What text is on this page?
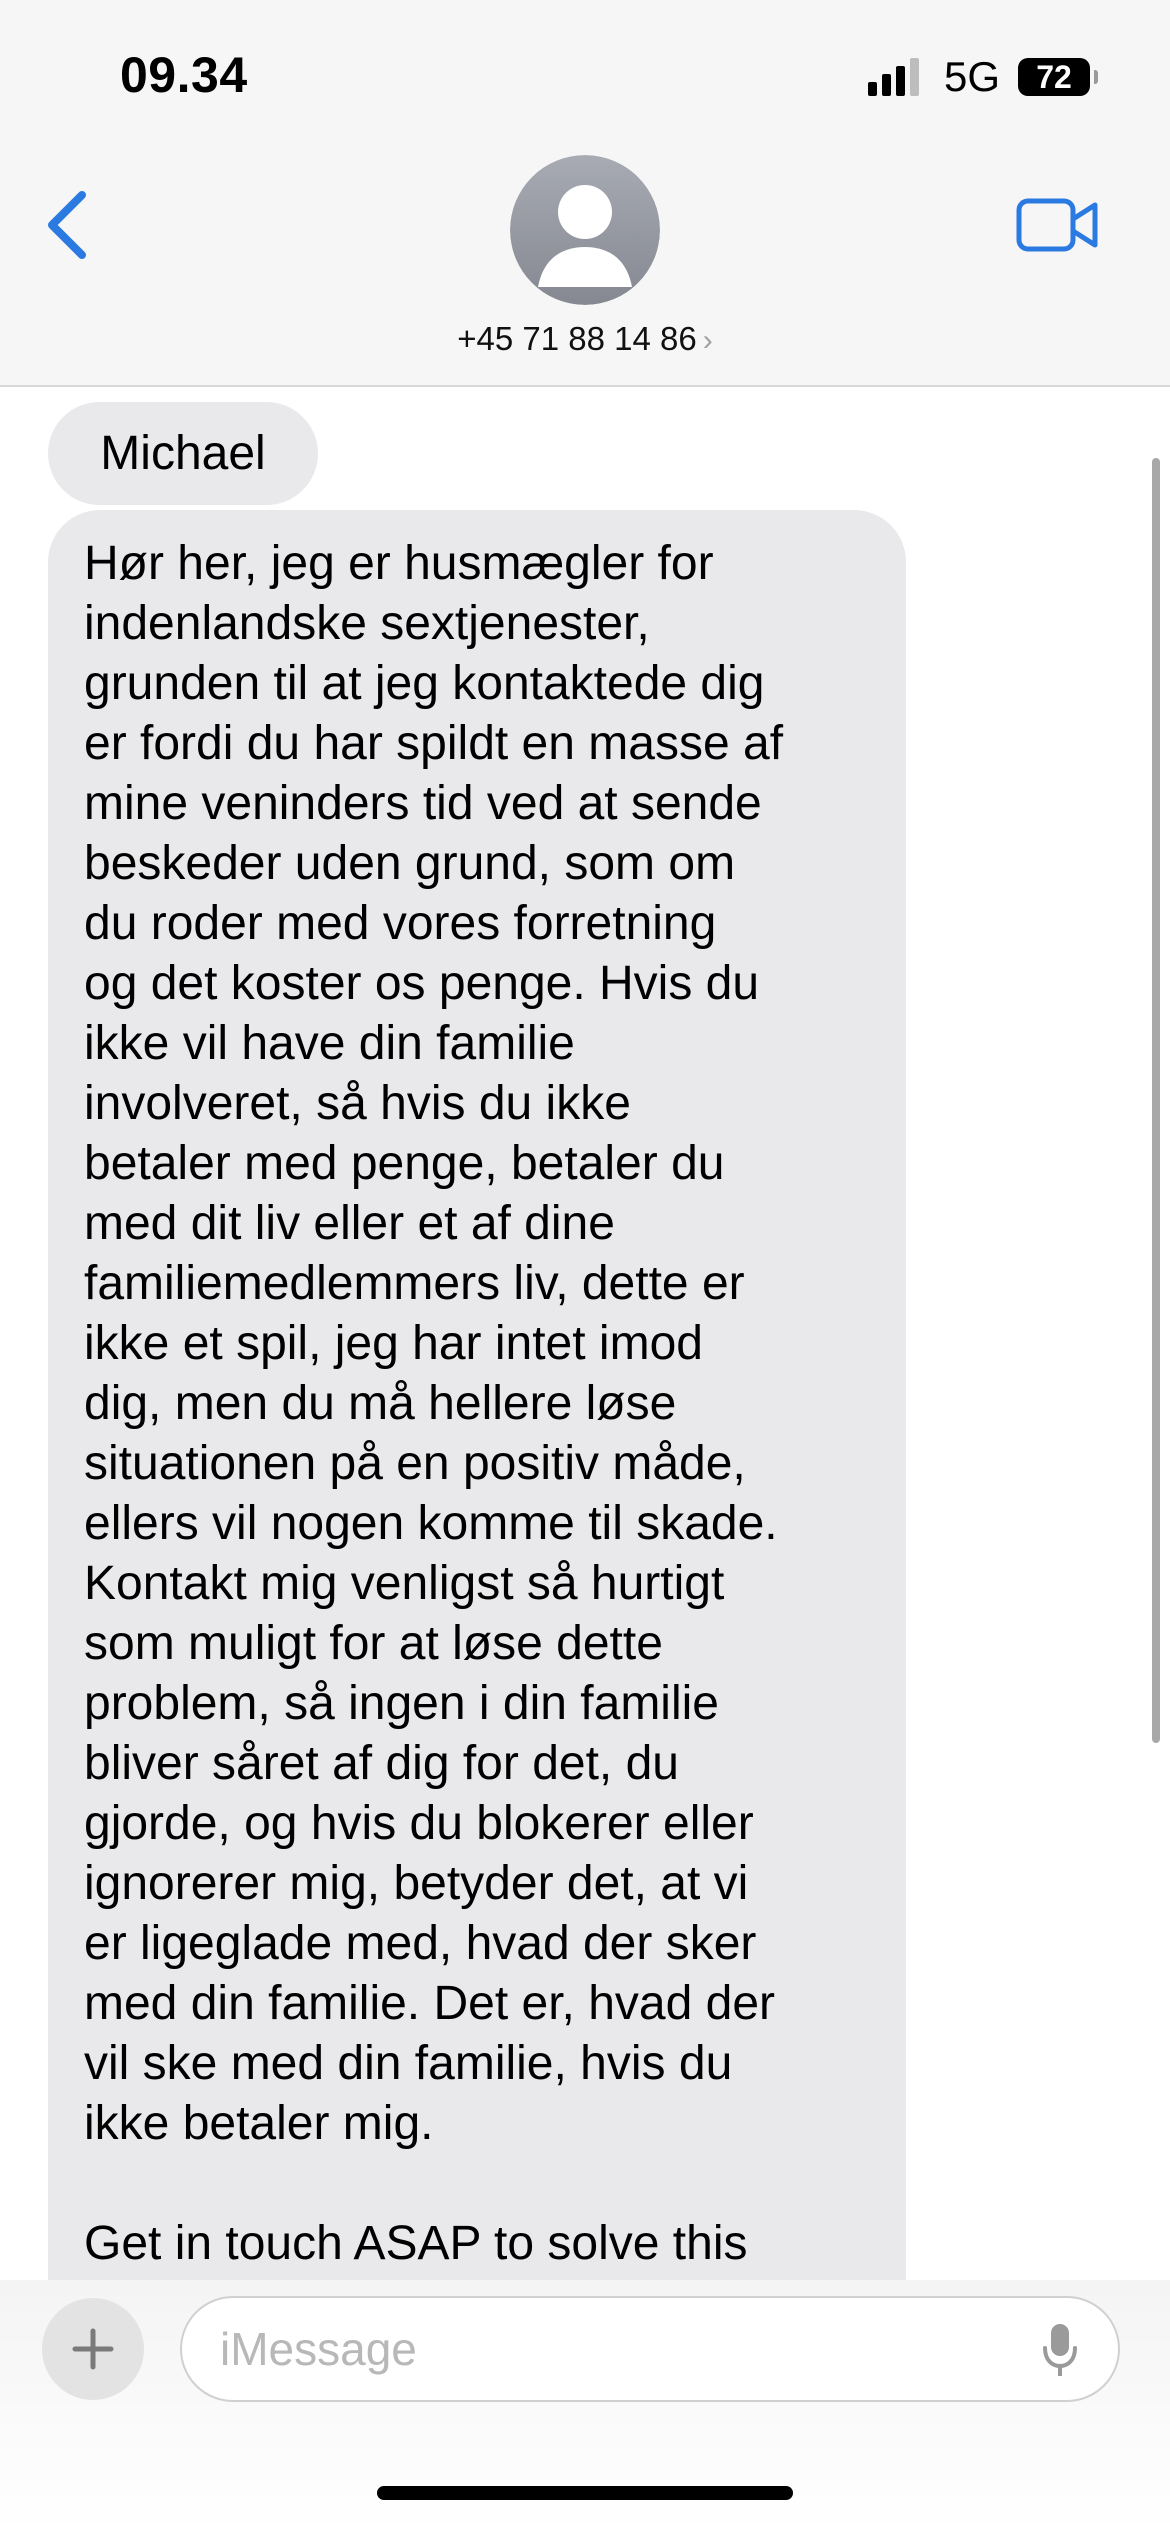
09.34	5G 72
+45 71 88 14 86 ›
Michael

Hør her, jeg er husmægler for
indenlandske sextjenester,
grunden til at jeg kontaktede dig
er fordi du har spildt en masse af
mine veninders tid ved at sende
beskeder uden grund, som om
du roder med vores forretning
og det koster os penge. Hvis du
ikke vil have din familie
involveret, så hvis du ikke
betaler med penge, betaler du
med dit liv eller et af dine
familiemedlemmers liv, dette er
ikke et spil, jeg har intet imod
dig, men du må hellere løse
situationen på en positiv måde,
ellers vil nogen komme til skade.
Kontakt mig venligst så hurtigt
som muligt for at løse dette
problem, så ingen i din familie
bliver såret af dig for det, du
gjorde, og hvis du blokerer eller
ignorerer mig, betyder det, at vi
er ligeglade med, hvad der sker
med din familie. Det er, hvad der
vil ske med din familie, hvis du
ikke betaler mig.

Get in touch ASAP to solve this

iMessage
